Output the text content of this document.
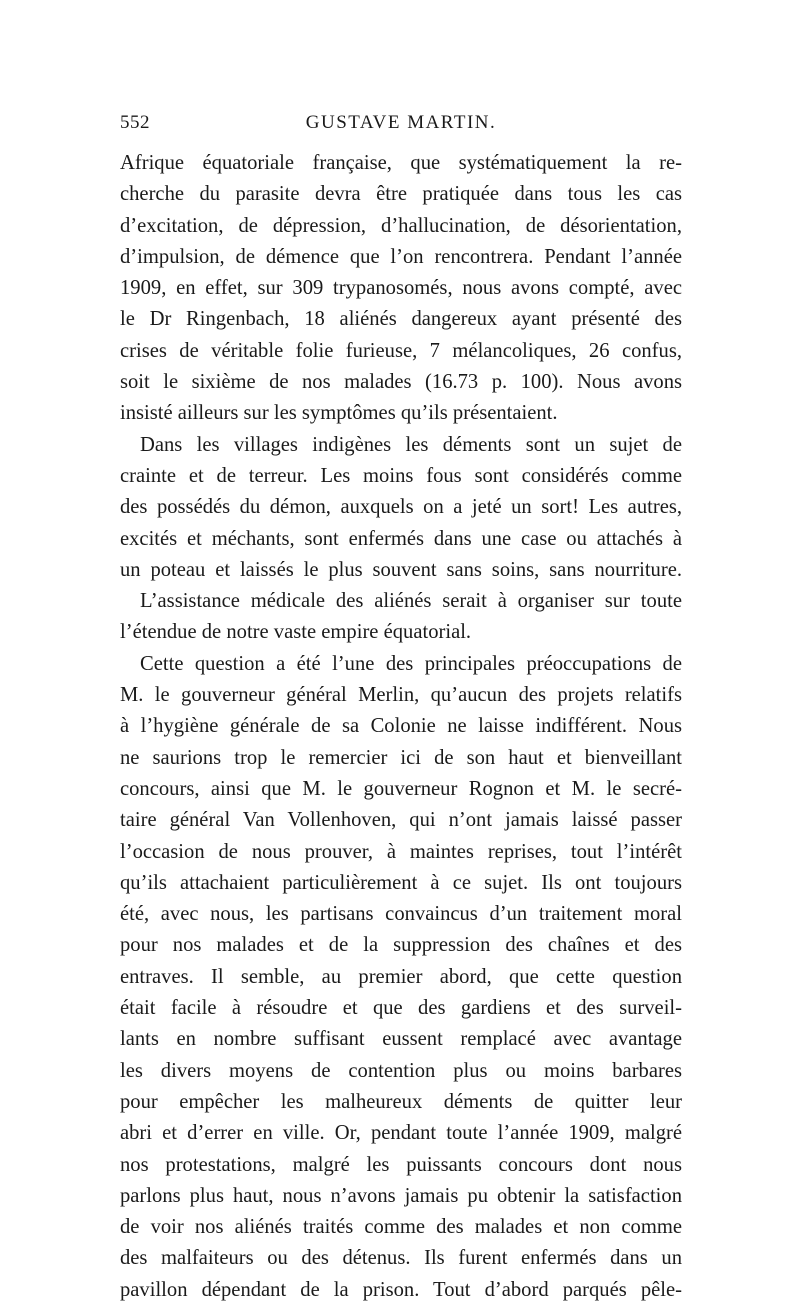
552	GUSTAVE MARTIN.

Afrique équatoriale française, que systématiquement la re-
cherche du parasite devra être pratiquée dans tous les cas
d’excitation, de dépression, d’hallucination, de désorientation,
d’impulsion, de démence que l’on rencontrera. Pendant l’année
1909, en effet, sur 309 trypanosomés, nous avons compté, avec
le Dr Ringenbach, 18 aliénés dangereux ayant présenté des
crises de véritable folie furieuse, 7 mélancoliques, 26 confus,
soit le sixième de nos malades (16.73 p. 100). Nous avons
insisté ailleurs sur les symptômes qu’ils présentaient.

Dans les villages indigènes les déments sont un sujet de
crainte et de terreur. Les moins fous sont considérés comme
des possédés du démon, auxquels on a jeté un sort! Les autres,
excités et méchants, sont enfermés dans une case ou attachés à
un poteau et laissés le plus souvent sans soins, sans nourriture.

L’assistance médicale des aliénés serait à organiser sur toute
l’étendue de notre vaste empire équatorial.

Cette question a été l’une des principales préoccupations de
M. le gouverneur général Merlin, qu’aucun des projets relatifs
à l’hygiène générale de sa Colonie ne laisse indifférent. Nous
ne saurions trop le remercier ici de son haut et bienveillant
concours, ainsi que M. le gouverneur Rognon et M. le secré-
taire général Van Vollenhoven, qui n’ont jamais laissé passer
l’occasion de nous prouver, à maintes reprises, tout l’intérêt
qu’ils attachaient particulièrement à ce sujet. Ils ont toujours
été, avec nous, les partisans convaincus d’un traitement moral
pour nos malades et de la suppression des chaînes et des
entraves. Il semble, au premier abord, que cette question
était facile à résoudre et que des gardiens et des surveil-
lants en nombre suffisant eussent remplacé avec avantage
les divers moyens de contention plus ou moins barbares
pour empêcher les malheureux déments de quitter leur
abri et d’errer en ville. Or, pendant toute l’année 1909, malgré
nos protestations, malgré les puissants concours dont nous
parlons plus haut, nous n’avons jamais pu obtenir la satisfaction
de voir nos aliénés traités comme des malades et non comme
des malfaiteurs ou des détenus. Ils furent enfermés dans un
pavillon dépendant de la prison. Tout d’abord parqués pêle-
